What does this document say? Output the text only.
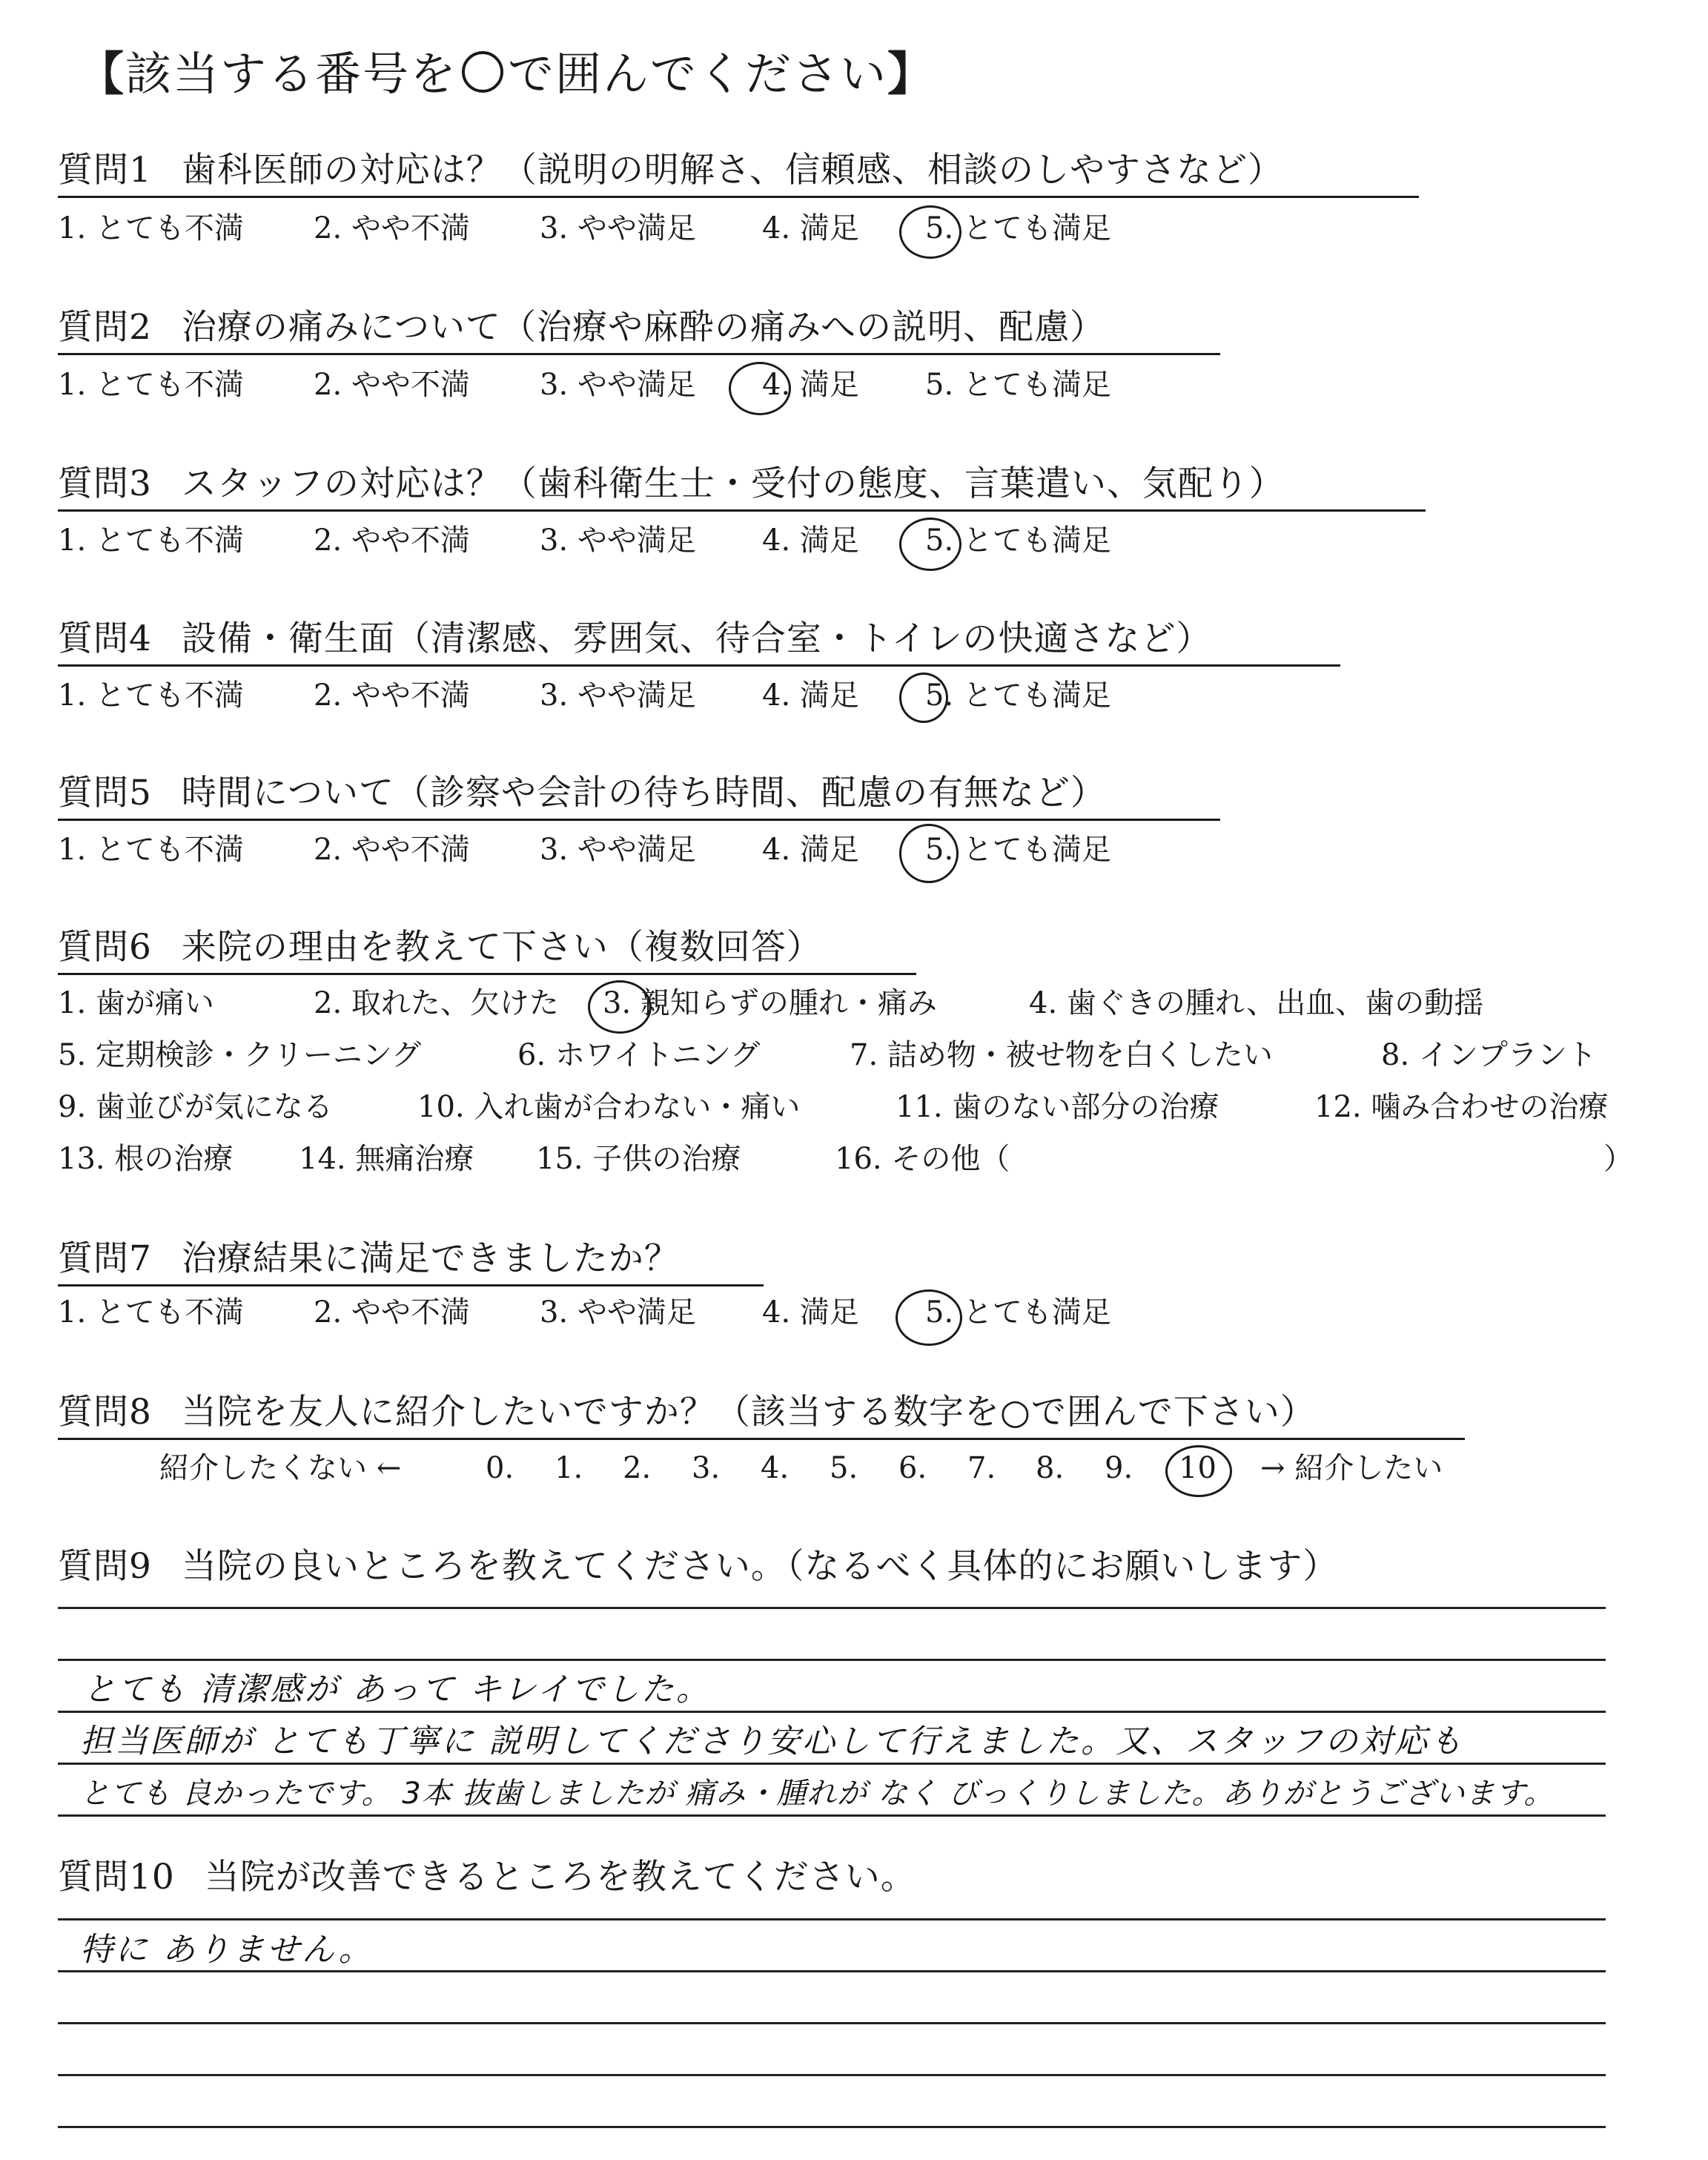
【該当する番号を で囲んでください】
質問1 歯科医師の対応は？（説明の明解さ、信頼感、相談のしやすさなど）
1. とても不満 2. やや不満 3. やや満足 4. 満足 5. とても満足
質問2 治療の痛みについて（治療や麻酔の痛みへの説明、配慮）
1. とても不満 2. やや不満 3. やや満足 4. 満足 5. とても満足
質問3 スタッフの対応は？（歯科衛生士・受付の態度、言葉遣い、気配り）
1. とても不満 2. やや不満 3. やや満足 4. 満足 5. とても満足
質問4 設備・衛生面（清潔感、雰囲気、待合室・トイレの快適さなど）
1. とても不満 2. やや不満 3. やや満足 4. 満足 5. とても満足
質問5 時間について（診察や会計の待ち時間、配慮の有無など）
1. とても不満 2. やや不満 3. やや満足 4. 満足 5. とても満足
質問6 来院の理由を教えて下さい（複数回答）
1. 歯が痛い	2. 取れた、欠けた 3. 親知らずの腫れ・痛み	4. 歯ぐきの腫れ、出血、歯の動揺
5. 定期検診・クリーニング	6. ホワイトニング	7. 詰め物・被せ物を白くしたい	8. インプラント
9. 歯並びが気になる	10. 入れ歯が合わない・痛い	11. 歯のない部分の治療	12. 噛み合わせの治療
13. 根の治療 14. 無痛治療 15. 子供の治療	16. その他（	）
質問7 治療結果に満足できましたか？
1. とても不満 2. やや不満 3. やや満足 4. 満足 5. とても満足
質問8 当院を友人に紹介したいですか？（該当する数字を○で囲んで下さい）
紹介したくない ←	0. 1. 2. 3. 4. 5. 6. 7. 8. 9. 10 → 紹介したい
質問9 当院の良いところを教えてください。（なるべく具体的にお願いします）
とても 清潔感が あって キレイでした。
担当医師が とても丁寧に 説明してくださり安心して行えました。又、スタッフの対応も
とても 良かったです。 3本 抜歯しましたが 痛み・腫れが なく びっくりしました。ありがとうございます。
質問10 当院が改善できるところを教えてください。
特に ありません。
